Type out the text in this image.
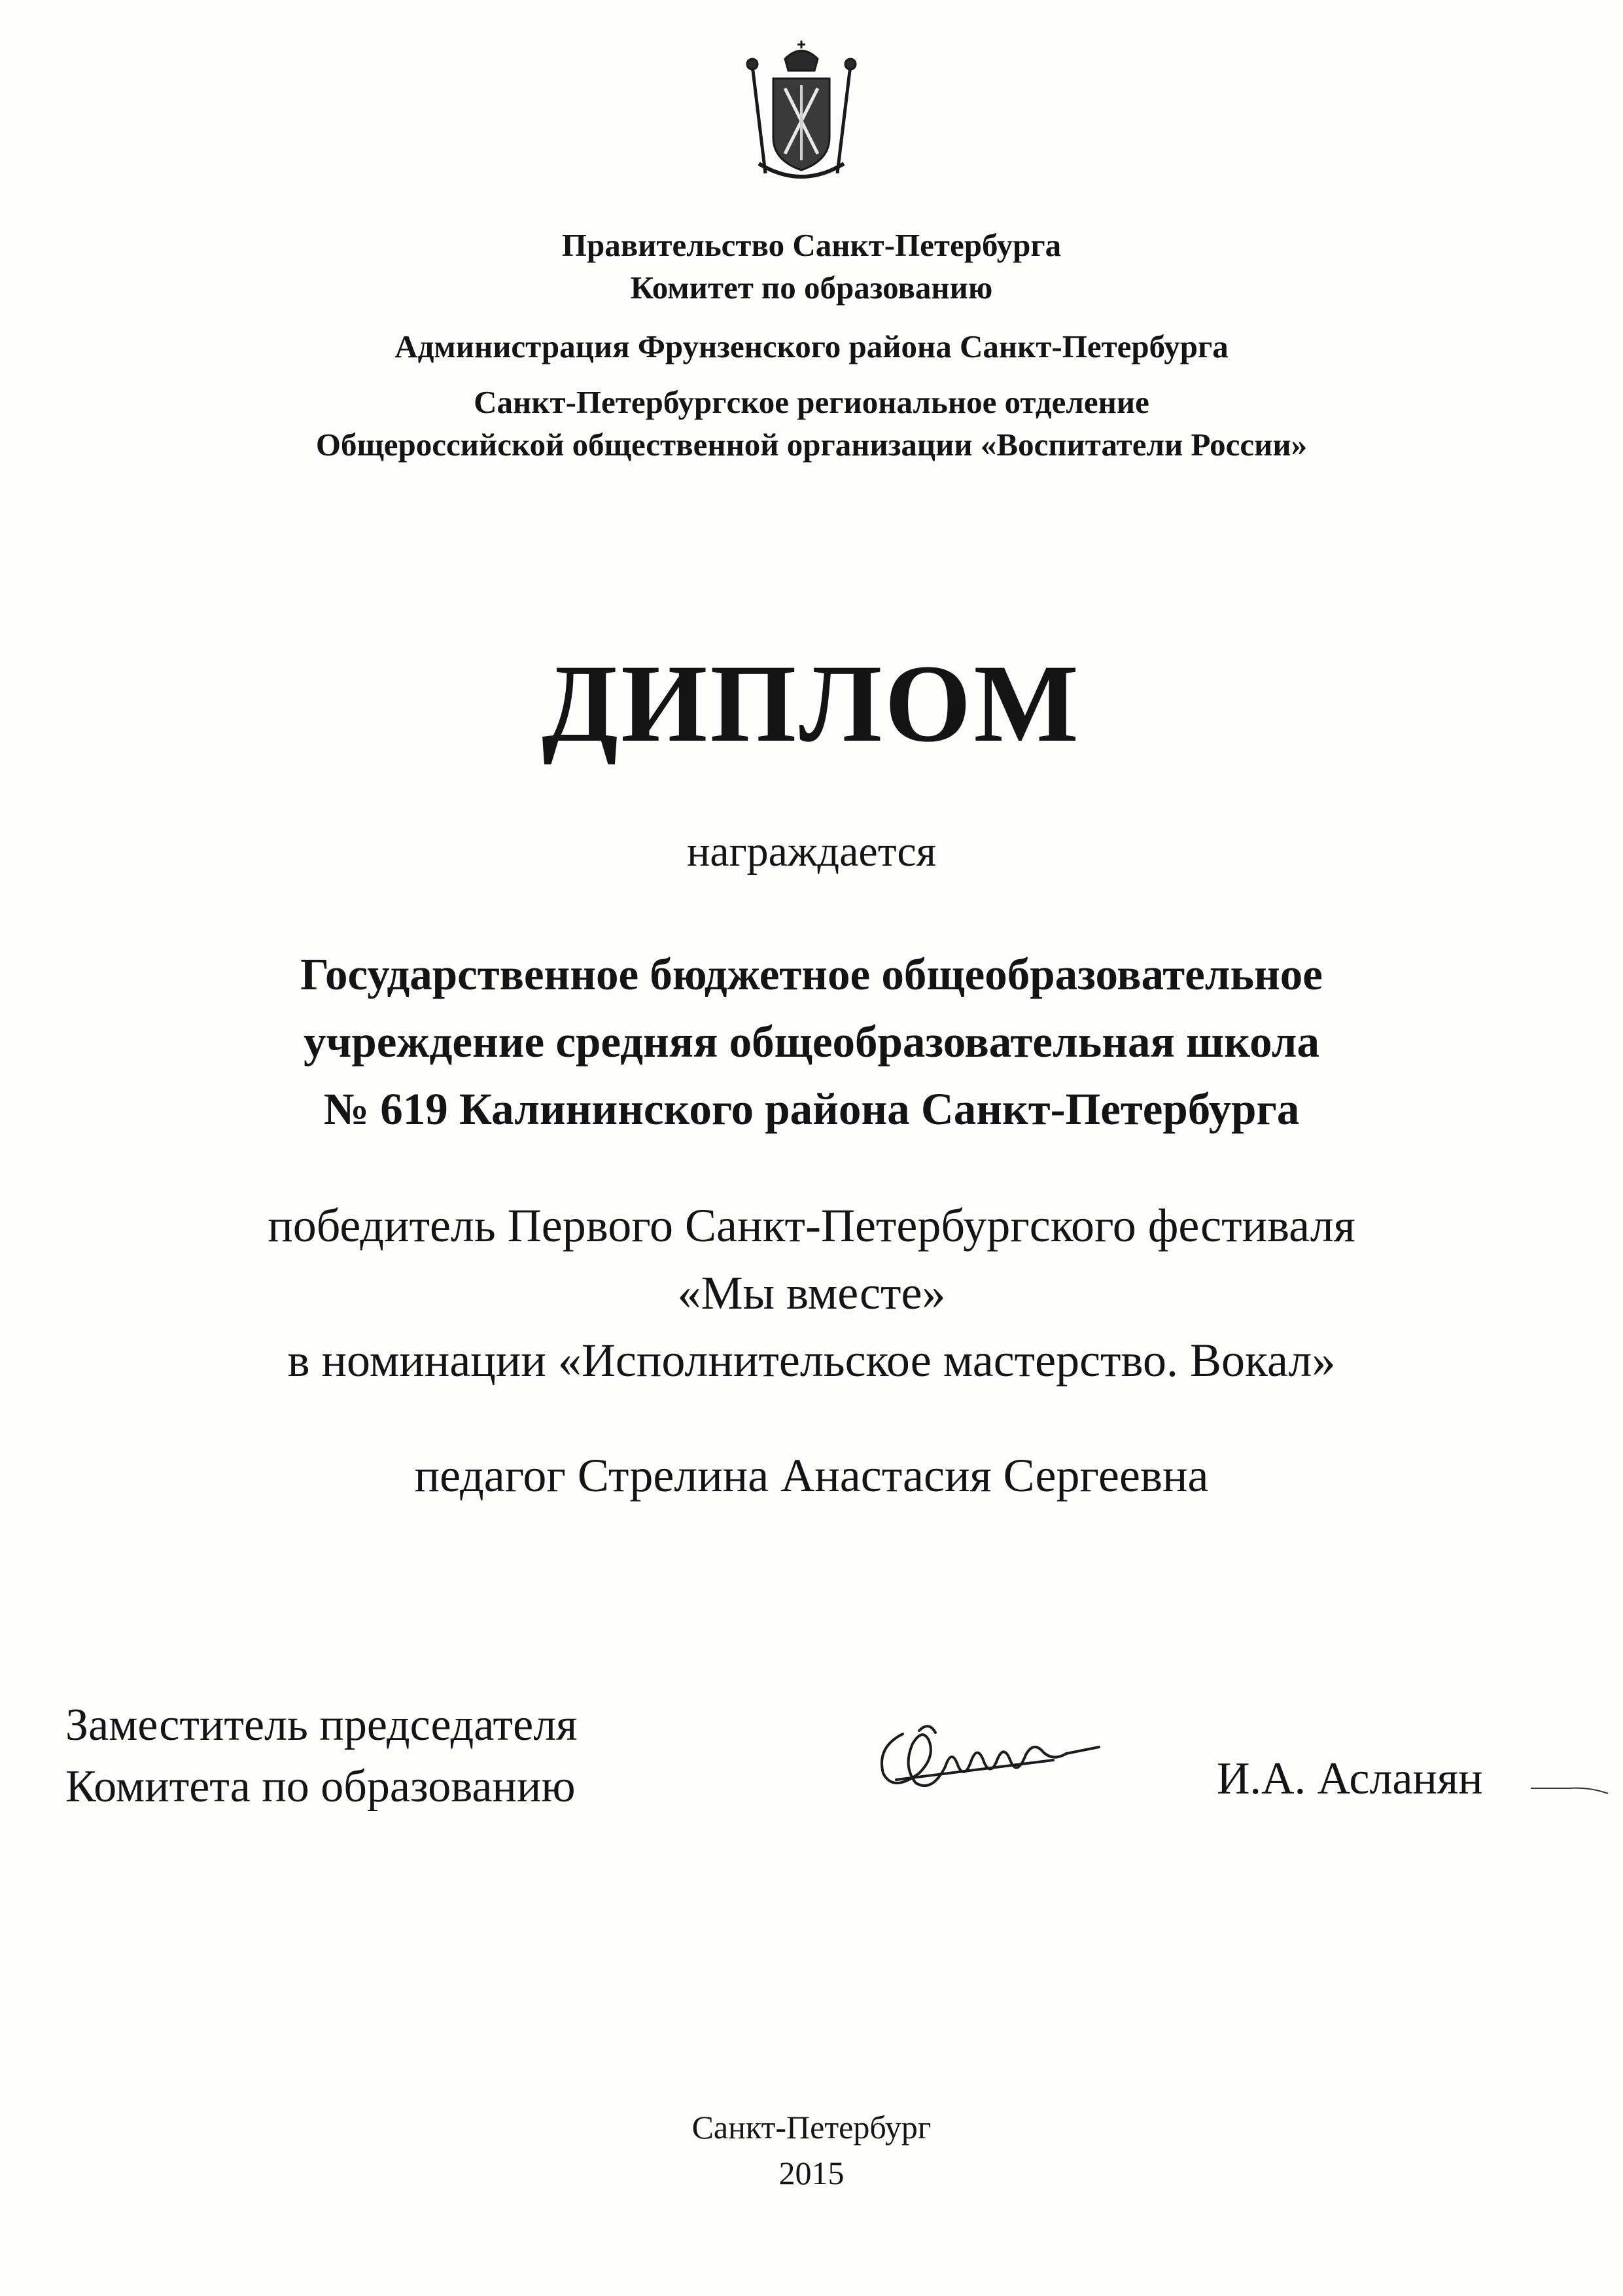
Правительство Санкт-Петербурга
Комитет по образованию
Администрация Фрунзенского района Санкт-Петербурга
Санкт-Петербургское региональное отделение
Общероссийской общественной организации «Воспитатели России»
ДИПЛОМ
награждается
Государственное бюджетное общеобразовательное
учреждение средняя общеобразовательная школа
№ 619 Калининского района Санкт-Петербурга
победитель Первого Санкт-Петербургского фестиваля
«Мы вместе»
в номинации «Исполнительское мастерство. Вокал»
педагог Стрелина Анастасия Сергеевна
Заместитель председателя
Комитета по образованию	И.А. Асланян
Санкт-Петербург
2015
